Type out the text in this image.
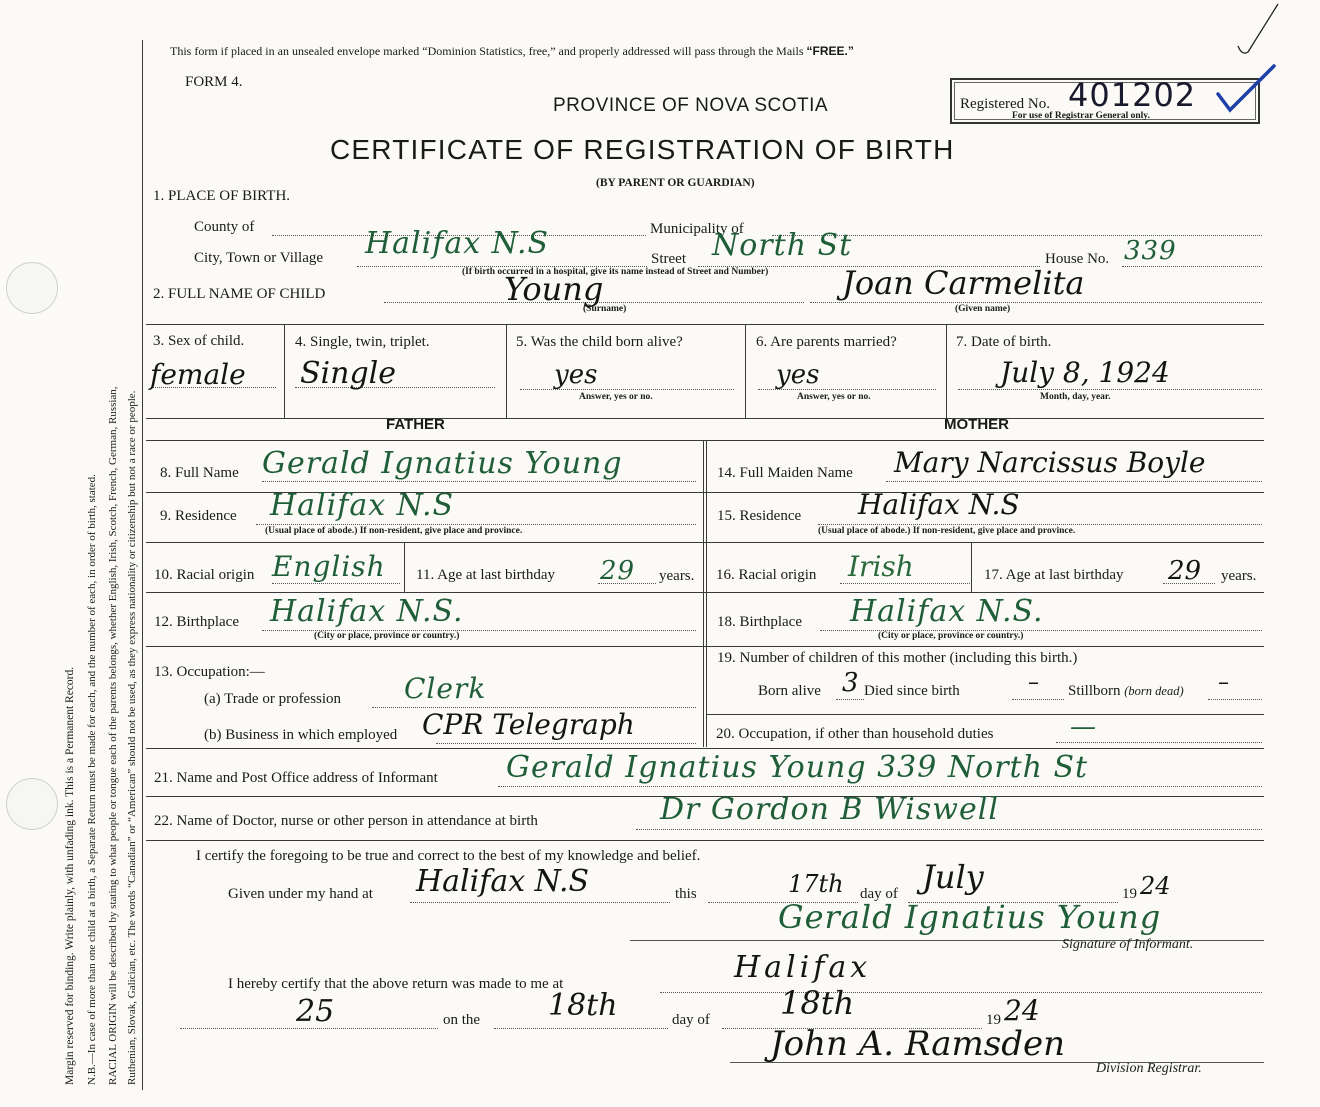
Margin reserved for binding. Write plainly, with unfading ink. This is a Permanent Record. N.B.—In case of more than one child at a birth, a Separate Return must be made for each, and the number of each, in order of birth, stated. RACIAL ORIGIN will be described by stating to what people or tongue each of the parents belongs, whether English, Irish, Scotch, French, German, Russian, Ruthenian, Slovak, Galician, etc. The words “Canadian” or “American” should not be used, as they express nationality or citizenship but not a race or people.
This form if placed in an unsealed envelope marked “Dominion Statistics, free,” and properly addressed will pass through the Mails “FREE.”
FORM 4.
PROVINCE OF NOVA SCOTIA
CERTIFICATE OF REGISTRATION OF BIRTH
(BY PARENT OR GUARDIAN)
Registered No. 401202
For use of Registrar General only.
1. PLACE OF BIRTH.
County of	Municipality of
City, Town or Village Halifax N.S	Street North St	House No. 339
(If birth occurred in a hospital, give its name instead of Street and Number)
2. FULL NAME OF CHILD	Young
(Surname)
Joan Carmelita
(Given name)
3. Sex of child.
female
4. Single, twin, triplet.
Single
5. Was the child born alive?
yes
Answer, yes or no.
6. Are parents married?
yes
Answer, yes or no.
7. Date of birth.
July 8, 1924
Month, day, year.
FATHER	MOTHER
8. Full Name Gerald Ignatius Young	14. Full Maiden Name Mary Narcissus Boyle
9. Residence Halifax N.S
(Usual place of abode.) If non-resident, give place and province.
15. Residence Halifax N.S
(Usual place of abode.) If non-resident, give place and province.
10. Racial origin English 11. Age at last birthday 29 years. 16. Racial origin Irish	17. Age at last birthday 29 years.
12. Birthplace Halifax N.S.
(City or place, province or country.)
18. Birthplace Halifax N.S.
(City or place, province or country.)
13. Occupation:—
(a) Trade or profession Clerk
(b) Business in which employed CPR Telegraph
19. Number of children of this mother (including this birth.)
Born alive 3 Died since birth	– Stillborn (born dead) –
20. Occupation, if other than household duties	—
21. Name and Post Office address of Informant Gerald Ignatius Young 339 North St
22. Name of Doctor, nurse or other person in attendance at birth	Dr Gordon B Wiswell
I certify the foregoing to be true and correct to the best of my knowledge and belief.
Given under my hand at Halifax N.S	this	17th day of July	19 24
Gerald Ignatius Young
Signature of Informant.
I hereby certify that the above return was made to me at	Halifax
25	on the 18th	day of 18th	19 24
John A. Ramsden
Division Registrar.
